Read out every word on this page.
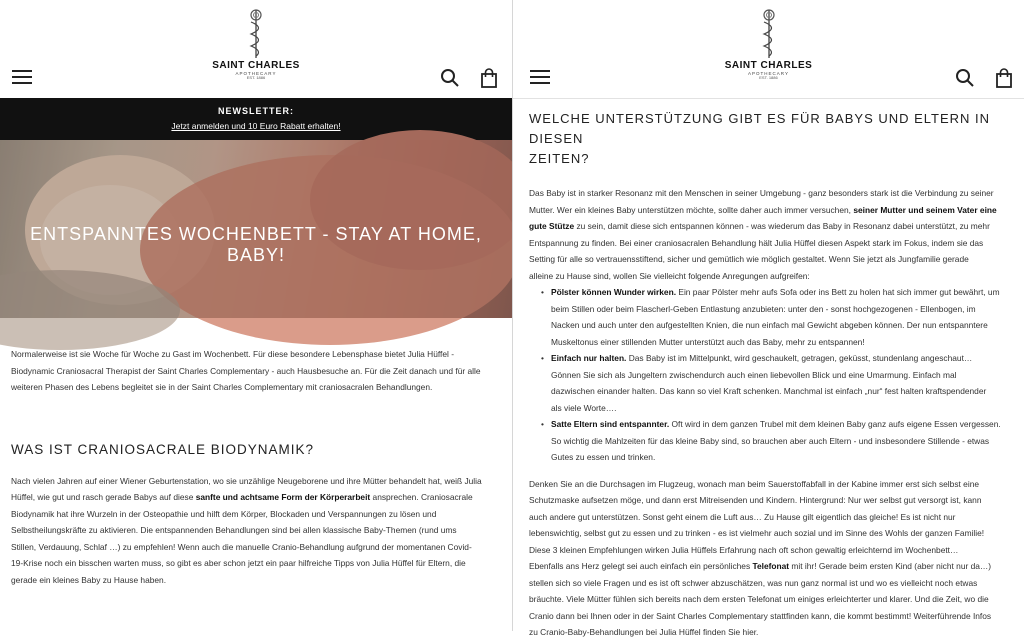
SAINT CHARLES
APOTHECARY
EST. 1886
NEWSLETTER:
Jetzt anmelden und 10 Euro Rabatt erhalten!
ENTSPANNTES WOCHENBETT - STAY AT HOME, BABY!
Normalerweise ist sie Woche für Woche zu Gast im Wochenbett. Für diese besondere Lebensphase bietet Julia Hüffel -
Biodynamic Craniosacral Therapist der Saint Charles Complementary - auch Hausbesuche an. Für die Zeit danach und für alle
weiteren Phasen des Lebens begleitet sie in der Saint Charles Complementary mit craniosacralen Behandlungen.
WAS IST CRANIOSACRALE BIODYNAMIK?
Nach vielen Jahren auf einer Wiener Geburtenstation, wo sie unzählige Neugeborene und ihre Mütter behandelt hat, weiß Julia
Hüffel, wie gut und rasch gerade Babys auf diese sanfte und achtsame Form der Körperarbeit ansprechen. Craniosacrale
Biodynamik hat ihre Wurzeln in der Osteopathie und hilft dem Körper, Blockaden und Verspannungen zu lösen und
Selbstheilungskräfte zu aktivieren. Die entspannenden Behandlungen sind bei allen klassische Baby-Themen (rund ums
Stillen, Verdauung, Schlaf …) zu empfehlen! Wenn auch die manuelle Cranio-Behandlung aufgrund der momentanen Covid-
19-Krise noch ein bisschen warten muss, so gibt es aber schon jetzt ein paar hilfreiche Tipps von Julia Hüffel für Eltern, die
gerade ein kleines Baby zu Hause haben.
SAINT CHARLES
APOTHECARY
EST. 1886
WELCHE UNTERSTÜTZUNG GIBT ES FÜR BABYS UND ELTERN IN DIESEN
ZEITEN?
Das Baby ist in starker Resonanz mit den Menschen in seiner Umgebung - ganz besonders stark ist die Verbindung zu seiner
Mutter. Wer ein kleines Baby unterstützen möchte, sollte daher auch immer versuchen, seiner Mutter und seinem Vater eine
gute Stütze zu sein, damit diese sich entspannen können - was wiederum das Baby in Resonanz dabei unterstützt, zu mehr
Entspannung zu finden. Bei einer craniosacralen Behandlung hält Julia Hüffel diesen Aspekt stark im Fokus, indem sie das
Setting für alle so vertrauensstiftend, sicher und gemütlich wie möglich gestaltet. Wenn Sie jetzt als Jungfamilie gerade
alleine zu Hause sind, wollen Sie vielleicht folgende Anregungen aufgreifen:
• Pölster können Wunder wirken. Ein paar Pölster mehr aufs Sofa oder ins Bett zu holen hat sich immer gut bewährt, um
beim Stillen oder beim Flascherl-Geben Entlastung anzubieten: unter den - sonst hochgezogenen - Ellenbogen, im
Nacken und auch unter den aufgestellten Knien, die nun einfach mal Gewicht abgeben können. Der nun entspanntere
Muskeltonus einer stillenden Mutter unterstützt auch das Baby, mehr zu entspannen!
• Einfach nur halten. Das Baby ist im Mittelpunkt, wird geschaukelt, getragen, geküsst, stundenlang angeschaut…
Gönnen Sie sich als Jungeltern zwischendurch auch einen liebevollen Blick und eine Umarmung. Einfach mal
dazwischen einander halten. Das kann so viel Kraft schenken. Manchmal ist einfach „nur“ fest halten kraftspendender
als viele Worte….
• Satte Eltern sind entspannter. Oft wird in dem ganzen Trubel mit dem kleinen Baby ganz aufs eigene Essen vergessen.
So wichtig die Mahlzeiten für das kleine Baby sind, so brauchen aber auch Eltern - und insbesondere Stillende - etwas
Gutes zu essen und trinken.
Denken Sie an die Durchsagen im Flugzeug, wonach man beim Sauerstoffabfall in der Kabine immer erst sich selbst eine
Schutzmaske aufsetzen möge, und dann erst Mitreisenden und Kindern. Hintergrund: Nur wer selbst gut versorgt ist, kann
auch andere gut unterstützen. Sonst geht einem die Luft aus… Zu Hause gilt eigentlich das gleiche! Es ist nicht nur
lebenswichtig, selbst gut zu essen und zu trinken - es ist vielmehr auch sozial und im Sinne des Wohls der ganzen Familie!
Diese 3 kleinen Empfehlungen wirken Julia Hüffels Erfahrung nach oft schon gewaltig erleichternd im Wochenbett…
Ebenfalls ans Herz gelegt sei auch einfach ein persönliches Telefonat mit ihr! Gerade beim ersten Kind (aber nicht nur da…)
stellen sich so viele Fragen und es ist oft schwer abzuschätzen, was nun ganz normal ist und wo es vielleicht noch etwas
bräuchte. Viele Mütter fühlen sich bereits nach dem ersten Telefonat um einiges erleichterter und klarer. Und die Zeit, wo die
Cranio dann bei Ihnen oder in der Saint Charles Complementary stattfinden kann, die kommt bestimmt! Weiterführende Infos
zu Cranio-Baby-Behandlungen bei Julia Hüffel finden Sie hier.
